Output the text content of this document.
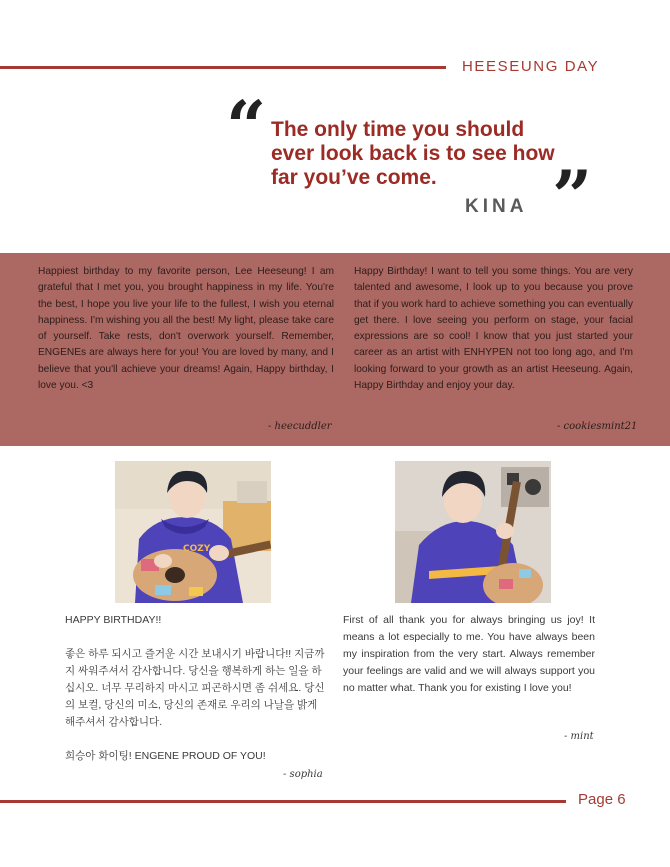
HEESEUNG DAY
“ The only time you should ever look back is to see how far you’ve come.
KINA ”

Happiest birthday to my favorite person, Lee Heeseung! I am grateful that I met you, you brought happiness in my life. You're the best, I hope you live your life to the fullest, I wish you eternal happiness. I'm wishing you all the best! My light, please take care of yourself. Take rests, don't overwork yourself. Remember, ENGENEs are always here for you! You are loved by many, and I believe that you'll achieve your dreams! Again, Happy birthday, I love you. <3

- heecuddler

Happy Birthday! I want to tell you some things. You are very talented and awesome, I look up to you because you prove that if you work hard to achieve something you can eventually get there. I love seeing you perform on stage, your facial expressions are so cool! I know that you just started your career as an artist with ENHYPEN not too long ago, and I'm looking forward to your growth as an artist Heeseung. Again, Happy Birthday and enjoy your day.

- cookiesmint21
COZY

HAPPY BIRTHDAY!!

좋은 하루 되시고 즐거운 시간 보내시기 바랍니다!! 지금까지 싸워주셔서 감사합니다. 당신을 행복하게 하는 일을 하십시오. 너무 무리하지 마시고 피곤하시면 좀 쉬세요. 당신의 보컬, 당신의 미소, 당신의 존재로 우리의 나날을 밝게 해주셔서 감사합니다.

희승아 화이팅! ENGENE PROUD OF YOU!

- sophia

First of all thank you for always bringing us joy! It means a lot especially to me. You have always been my inspiration from the very start. Always remember your feelings are valid and we will always support you no matter what. Thank you for existing I love you!

- mint
Page 6
